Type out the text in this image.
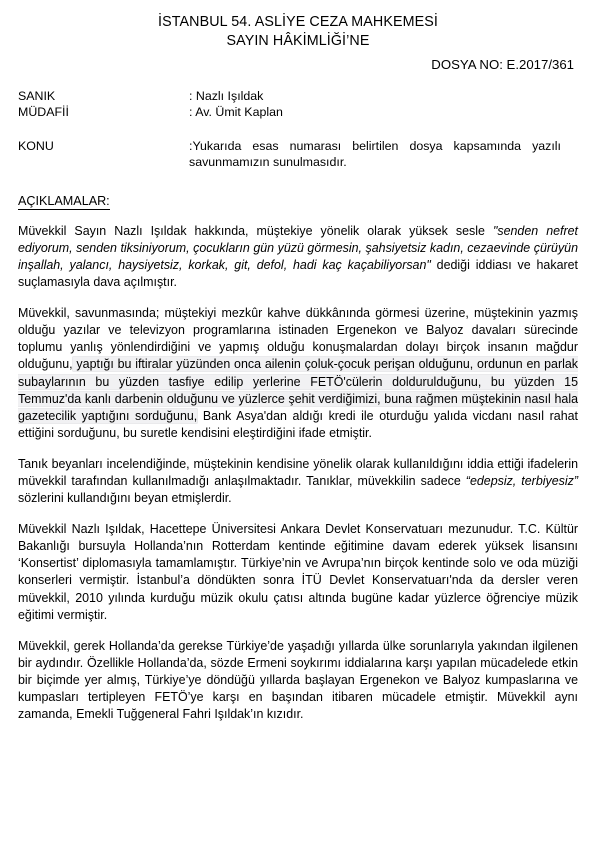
İSTANBUL 54. ASLİYE CEZA MAHKEMESİ
SAYIN HÂKİMLİĞİ’NE
DOSYA NO: E.2017/361
SANIK	: Nazlı Işıldak
MÜDAFİİ	: Av. Ümit Kaplan
KONU	:Yukarıda esas numarası belirtilen dosya kapsamında yazılı savunmamızın sunulmasıdır.
AÇIKLAMALAR:

Müvekkil Sayın Nazlı Işıldak hakkında, müştekiye yönelik olarak yüksek sesle "senden nefret ediyorum, senden tiksiniyorum, çocukların gün yüzü görmesin, şahsiyetsiz kadın, cezaevinde çürüyün inşallah, yalancı, haysiyetsiz, korkak, git, defol, hadi kaç kaçabiliyorsan" dediği iddiası ve hakaret suçlamasıyla dava açılmıştır.

Müvekkil, savunmasında; müştekiyi mezkûr kahve dükkânında görmesi üzerine, müştekinin yazmış olduğu yazılar ve televizyon programlarına istinaden Ergenekon ve Balyoz davaları sürecinde toplumu yanlış yönlendirdiğini ve yapmış olduğu konuşmalardan dolayı birçok insanın mağdur olduğunu, yaptığı bu iftiralar yüzünden onca ailenin çoluk-çocuk perişan olduğunu, ordunun en parlak subaylarının bu yüzden tasfiye edilip yerlerine FETÖ'cülerin doldurulduğunu, bu yüzden 15 Temmuz'da kanlı darbenin olduğunu ve yüzlerce şehit verdiğimizi, buna rağmen müştekinin nasıl hala gazetecilik yaptığını sorduğunu, Bank Asya'dan aldığı kredi ile oturduğu yalıda vicdanı nasıl rahat ettiğini sorduğunu, bu suretle kendisini eleştirdiğini ifade etmiştir.

Tanık beyanları incelendiğinde, müştekinin kendisine yönelik olarak kullanıldığını iddia ettiği ifadelerin müvekkil tarafından kullanılmadığı anlaşılmaktadır. Tanıklar, müvekkilin sadece “edepsiz, terbiyesiz” sözlerini kullandığını beyan etmişlerdir.

Müvekkil Nazlı Işıldak, Hacettepe Üniversitesi Ankara Devlet Konservatuarı mezunudur. T.C. Kültür Bakanlığı bursuyla Hollanda’nın Rotterdam kentinde eğitimine davam ederek yüksek lisansını ‘Konsertist’ diplomasıyla tamamlamıştır. Türkiye’nin ve Avrupa’nın birçok kentinde solo ve oda müziği konserleri vermiştir. İstanbul’a döndükten sonra İTÜ Devlet Konservatuarı'nda da dersler veren müvekkil, 2010 yılında kurduğu müzik okulu çatısı altında bugüne kadar yüzlerce öğrenciye müzik eğitimi vermiştir.

Müvekkil, gerek Hollanda’da gerekse Türkiye’de yaşadığı yıllarda ülke sorunlarıyla yakından ilgilenen bir aydındır. Özellikle Hollanda’da, sözde Ermeni soykırımı iddialarına karşı yapılan mücadelede etkin bir biçimde yer almış, Türkiye’ye döndüğü yıllarda başlayan Ergenekon ve Balyoz kumpaslarına ve kumpasları tertipleyen FETÖ’ye karşı en başından itibaren mücadele etmiştir. Müvekkil aynı zamanda, Emekli Tuğgeneral Fahri Işıldak’ın kızıdır.
